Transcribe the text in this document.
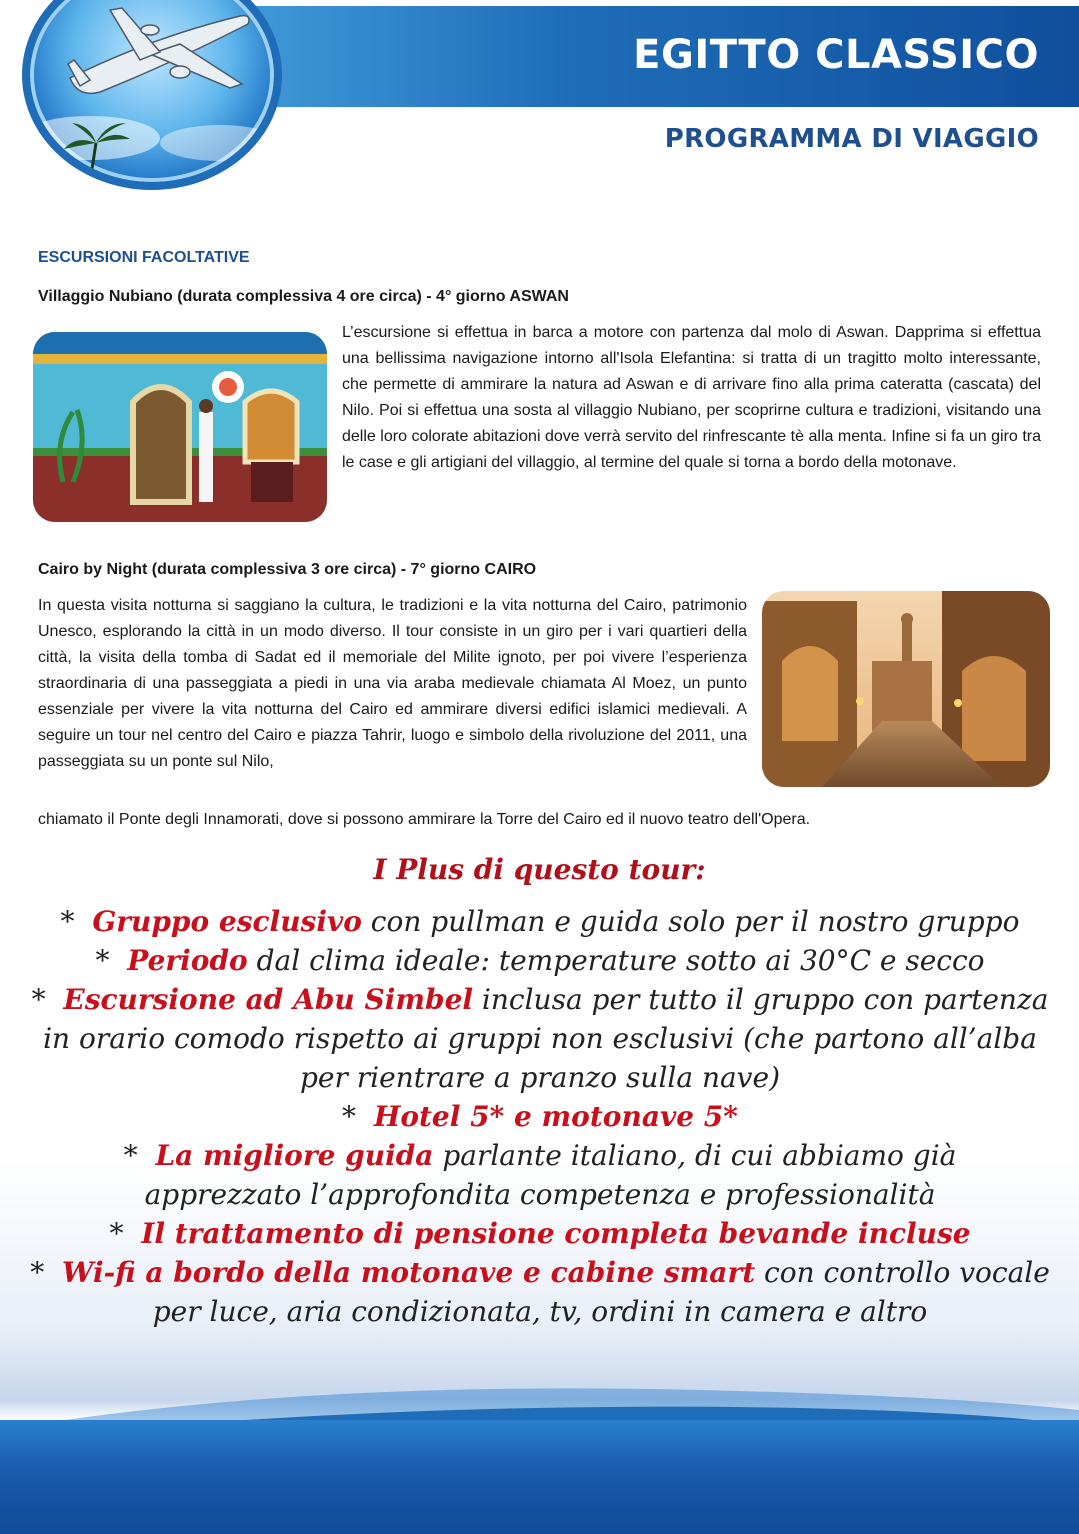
EGITTO CLASSICO
PROGRAMMA DI VIAGGIO
ESCURSIONI FACOLTATIVE
Villaggio Nubiano (durata complessiva 4 ore circa) - 4° giorno ASWAN
L’escursione si effettua in barca a motore con partenza dal molo di Aswan. Dapprima si effettua una bellissima navigazione intorno all'Isola Elefantina: si tratta di un tragitto molto interessante, che permette di ammirare la natura ad Aswan e di arrivare fino alla prima cateratta (cascata) del Nilo. Poi si effettua una sosta al villaggio Nubiano, per scoprirne cultura e tradizioni, visitando una delle loro colorate abitazioni dove verrà servito del rinfrescante tè alla menta. Infine si fa un giro tra le case e gli artigiani del villaggio, al termine del quale si torna a bordo della motonave.
Cairo by Night (durata complessiva 3 ore circa) - 7° giorno CAIRO
In questa visita notturna si saggiano la cultura, le tradizioni e la vita notturna del Cairo, patrimonio Unesco, esplorando la città in un modo diverso. Il tour consiste in un giro per i vari quartieri della città, la visita della tomba di Sadat ed il memoriale del Milite ignoto, per poi vivere l’esperienza straordinaria di una passeggiata a piedi in una via araba medievale chiamata Al Moez, un punto essenziale per vivere la vita notturna del Cairo ed ammirare diversi edifici islamici medievali. A seguire un tour nel centro del Cairo e piazza Tahrir, luogo e simbolo della rivoluzione del 2011, una passeggiata su un ponte sul Nilo,
chiamato il Ponte degli Innamorati, dove si possono ammirare la Torre del Cairo ed il nuovo teatro dell'Opera.
I Plus di questo tour:
* Gruppo esclusivo con pullman e guida solo per il nostro gruppo
* Periodo dal clima ideale: temperature sotto ai 30°C e secco
* Escursione ad Abu Simbel inclusa per tutto il gruppo con partenza in orario comodo rispetto ai gruppi non esclusivi (che partono all’alba per rientrare a pranzo sulla nave)
* Hotel 5* e motonave 5*
* La migliore guida parlante italiano, di cui abbiamo già apprezzato l’approfondita competenza e professionalità
* Il trattamento di pensione completa bevande incluse
* Wi-fi a bordo della motonave e cabine smart con controllo vocale per luce, aria condizionata, tv, ordini in camera e altro
